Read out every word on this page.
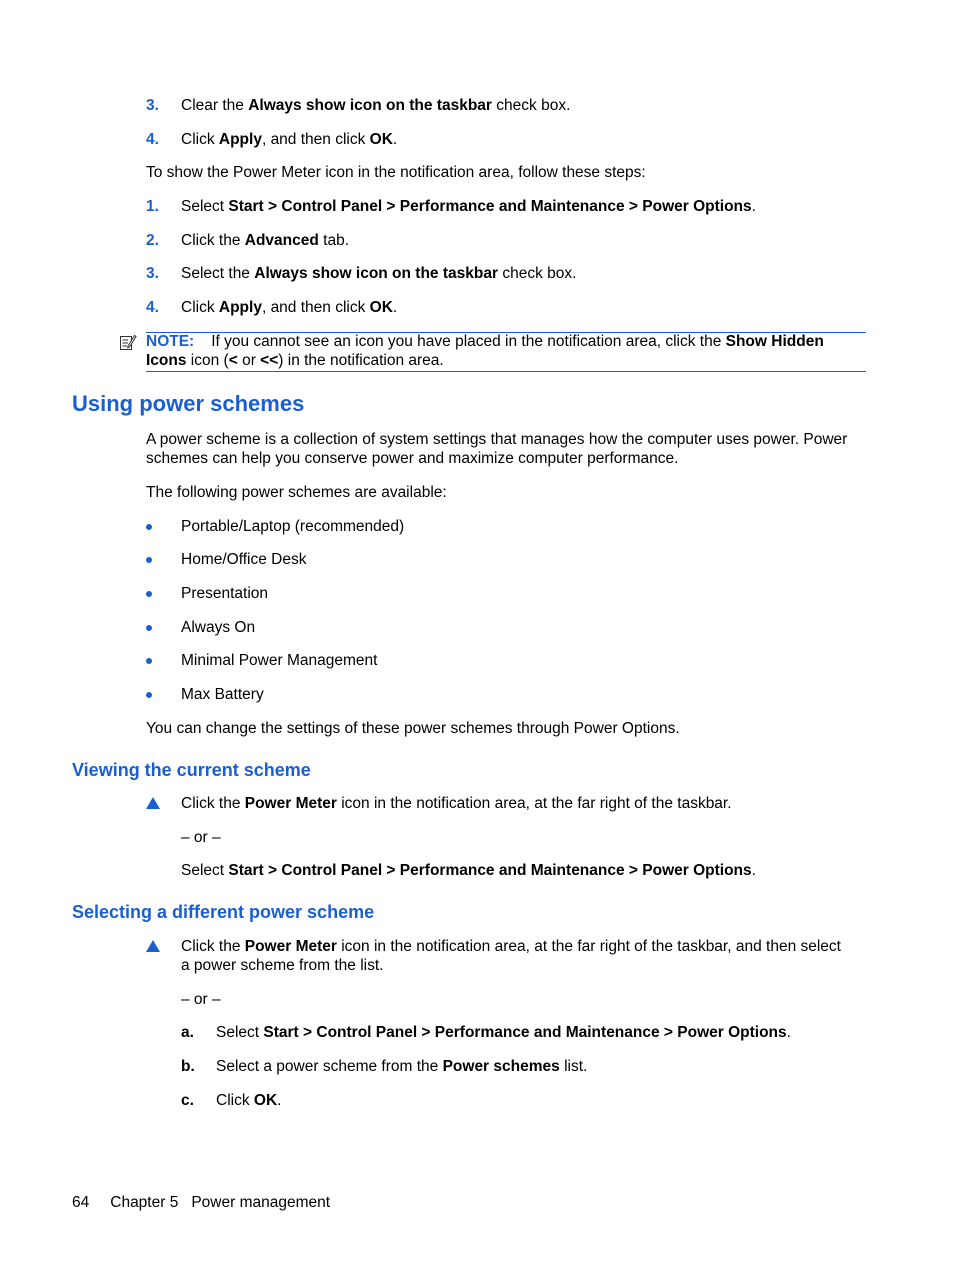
3. Clear the Always show icon on the taskbar check box.
4. Click Apply, and then click OK.
To show the Power Meter icon in the notification area, follow these steps:
1. Select Start > Control Panel > Performance and Maintenance > Power Options.
2. Click the Advanced tab.
3. Select the Always show icon on the taskbar check box.
4. Click Apply, and then click OK.
NOTE: If you cannot see an icon you have placed in the notification area, click the Show Hidden
Icons icon (< or <<) in the notification area.
Using power schemes
A power scheme is a collection of system settings that manages how the computer uses power. Power
schemes can help you conserve power and maximize computer performance.
The following power schemes are available:
Portable/Laptop (recommended)
Home/Office Desk
Presentation
Always On
Minimal Power Management
Max Battery
You can change the settings of these power schemes through Power Options.
Viewing the current scheme
Click the Power Meter icon in the notification area, at the far right of the taskbar.
– or –
Select Start > Control Panel > Performance and Maintenance > Power Options.
Selecting a different power scheme
Click the Power Meter icon in the notification area, at the far right of the taskbar, and then select
a power scheme from the list.
– or –
a. Select Start > Control Panel > Performance and Maintenance > Power Options.
b. Select a power scheme from the Power schemes list.
c. Click OK.
64 Chapter 5 Power management
